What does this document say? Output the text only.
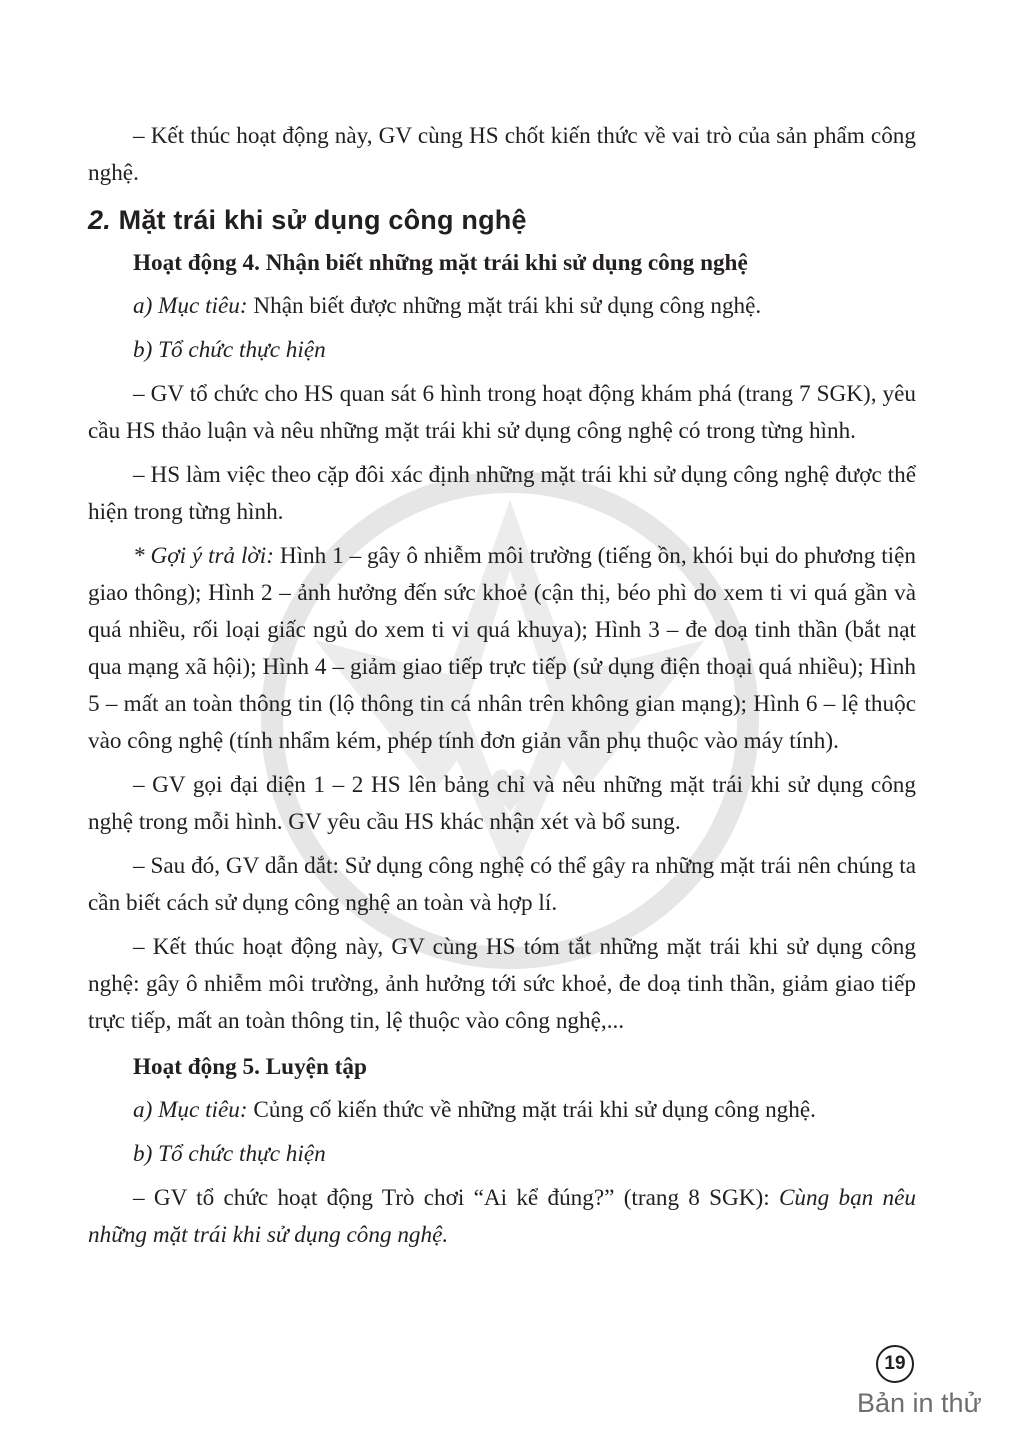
– Kết thúc hoạt động này, GV cùng HS chốt kiến thức về vai trò của sản phẩm công nghệ.

2. Mặt trái khi sử dụng công nghệ
Hoạt động 4. Nhận biết những mặt trái khi sử dụng công nghệ

a) Mục tiêu: Nhận biết được những mặt trái khi sử dụng công nghệ.

b) Tổ chức thực hiện

– GV tổ chức cho HS quan sát 6 hình trong hoạt động khám phá (trang 7 SGK), yêu cầu HS thảo luận và nêu những mặt trái khi sử dụng công nghệ có trong từng hình.

– HS làm việc theo cặp đôi xác định những mặt trái khi sử dụng công nghệ được thể hiện trong từng hình.

* Gợi ý trả lời: Hình 1 – gây ô nhiễm môi trường (tiếng ồn, khói bụi do phương tiện giao thông); Hình 2 – ảnh hưởng đến sức khoẻ (cận thị, béo phì do xem ti vi quá gần và quá nhiều, rối loại giấc ngủ do xem ti vi quá khuya); Hình 3 – đe doạ tinh thần (bắt nạt qua mạng xã hội); Hình 4 – giảm giao tiếp trực tiếp (sử dụng điện thoại quá nhiều); Hình 5 – mất an toàn thông tin (lộ thông tin cá nhân trên không gian mạng); Hình 6 – lệ thuộc vào công nghệ (tính nhẩm kém, phép tính đơn giản vẫn phụ thuộc vào máy tính).

– GV gọi đại diện 1 – 2 HS lên bảng chỉ và nêu những mặt trái khi sử dụng công nghệ trong mỗi hình. GV yêu cầu HS khác nhận xét và bổ sung.

– Sau đó, GV dẫn dắt: Sử dụng công nghệ có thể gây ra những mặt trái nên chúng ta cần biết cách sử dụng công nghệ an toàn và hợp lí.

– Kết thúc hoạt động này, GV cùng HS tóm tắt những mặt trái khi sử dụng công nghệ: gây ô nhiễm môi trường, ảnh hưởng tới sức khoẻ, đe doạ tinh thần, giảm giao tiếp trực tiếp, mất an toàn thông tin, lệ thuộc vào công nghệ,...

Hoạt động 5. Luyện tập

a) Mục tiêu: Củng cố kiến thức về những mặt trái khi sử dụng công nghệ.

b) Tổ chức thực hiện

– GV tổ chức hoạt động Trò chơi “Ai kể đúng?” (trang 8 SGK): Cùng bạn nêu những mặt trái khi sử dụng công nghệ.

19
Bản in thử
